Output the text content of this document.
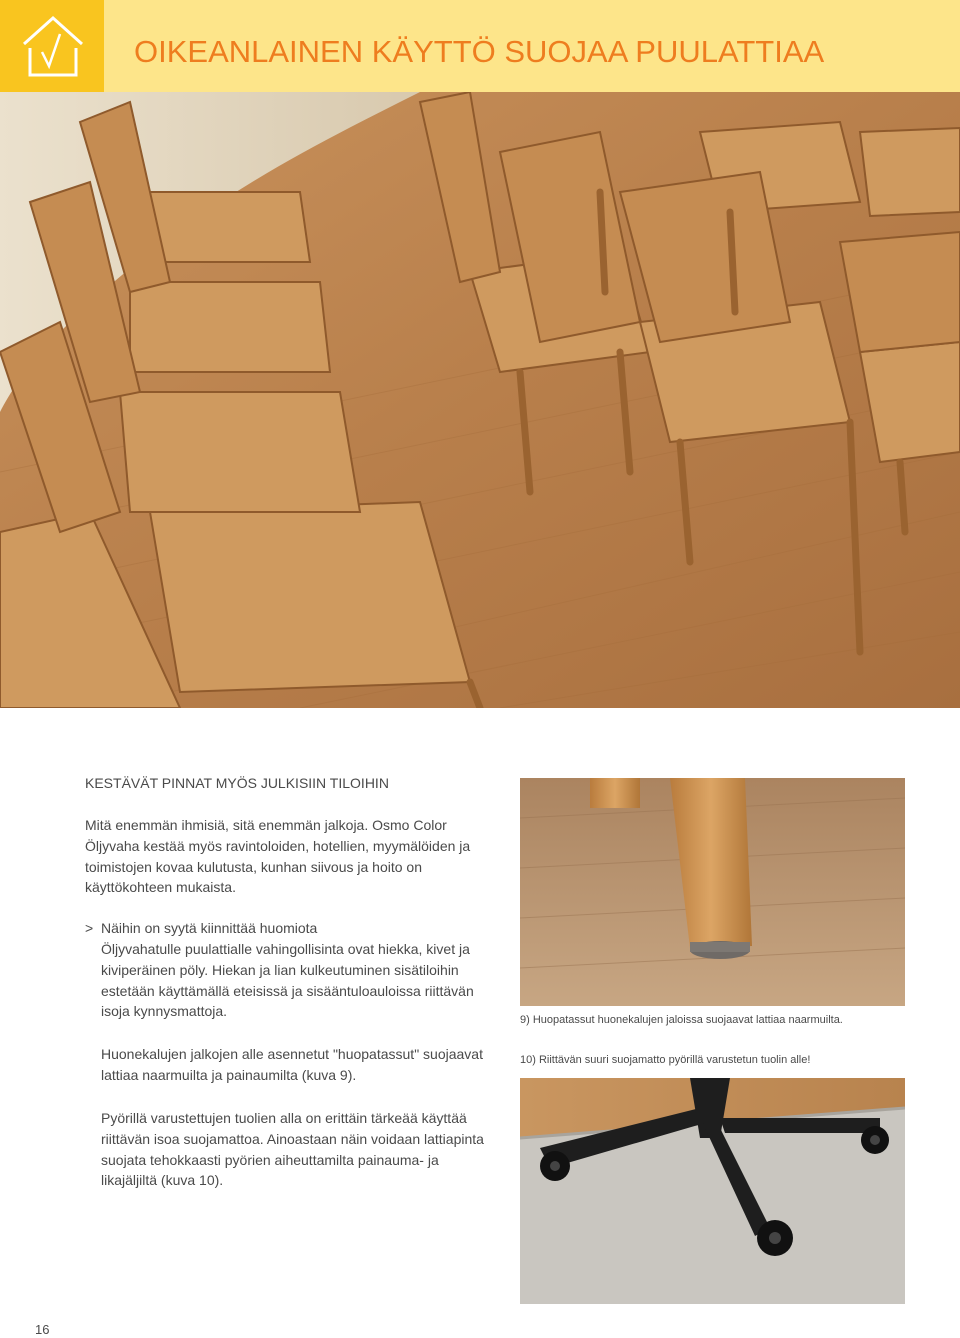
OIKEANLAINEN KÄYTTÖ SUOJAA PUULATTIAA
KESTÄVÄT PINNAT MYÖS JULKISIIN TILOIHIN

Mitä enemmän ihmisiä, sitä enemmän jalkoja. Osmo Color Öljyvaha kestää myös ravintoloiden, hotellien, myymälöiden ja toimistojen kovaa kulutusta, kunhan siivous ja hoito on käyttökohteen mukaista.

> Näihin on syytä kiinnittää huomiota

Öljyvahatulle puulattialle vahingollisinta ovat hiekka, kivet ja kiviperäinen pöly. Hiekan ja lian kulkeutuminen sisätiloihin estetään käyttämällä eteisissä ja sisääntuloauloissa riittävän isoja kynnysmattoja.

Huonekalujen jalkojen alle asennetut "huopatassut" suojaavat lattiaa naarmuilta ja painaumilta (kuva 9).

Pyörillä varustettujen tuolien alla on erittäin tärkeää käyttää riittävän isoa suojamattoa. Ainoastaan näin voidaan lattiapinta suojata tehokkaasti pyörien aiheuttamilta painauma- ja likajäljiltä (kuva 10).

9) Huopatassut huonekalujen jaloissa suojaavat lattiaa naarmuilta.
10) Riittävän suuri suojamatto pyörillä varustetun tuolin alle!
16
